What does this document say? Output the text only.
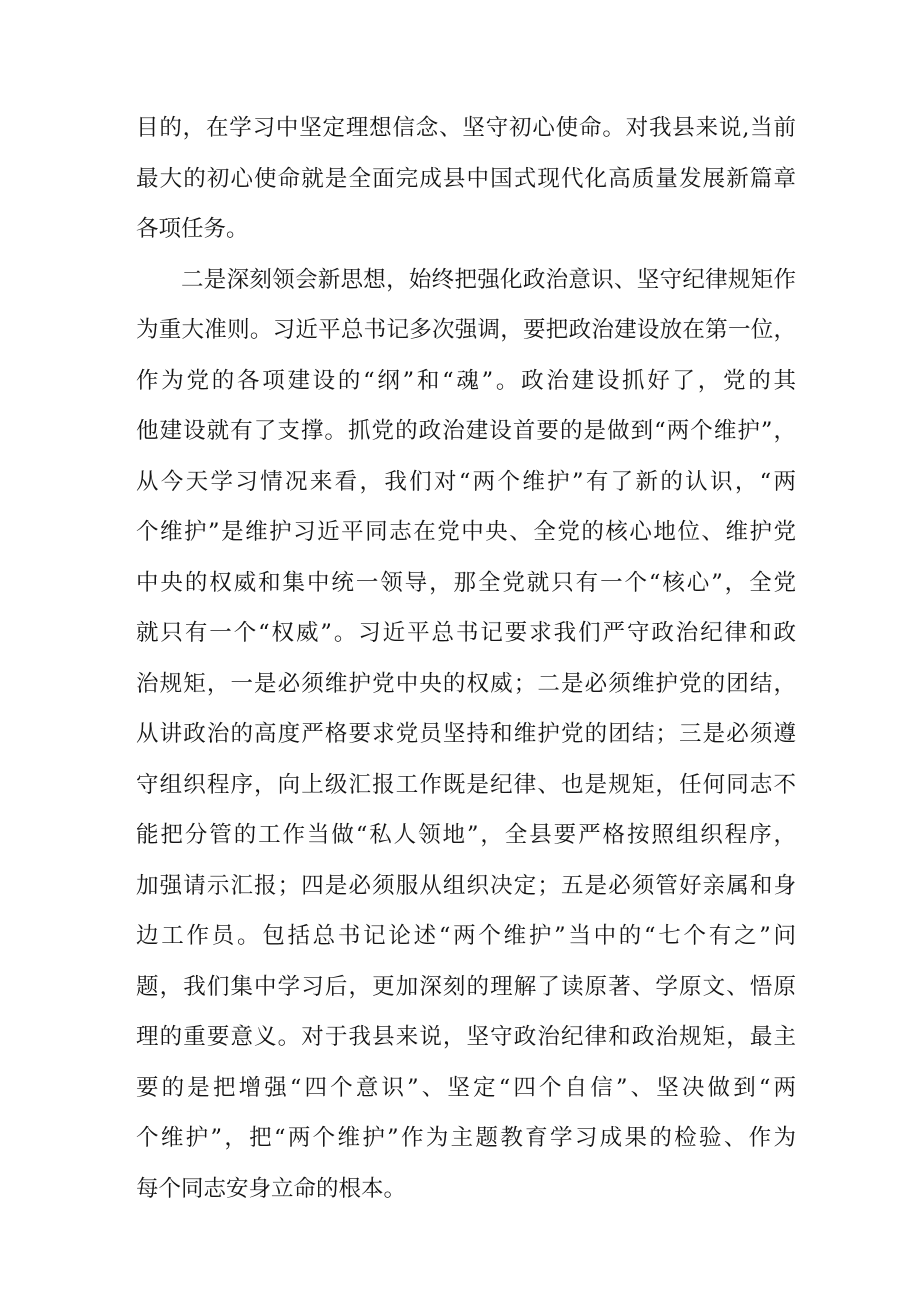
目的，在学习中坚定理想信念、坚守初心使命。对我县来说,当前
最大的初心使命就是全面完成县中国式现代化高质量发展新篇章
各项任务。
二是深刻领会新思想，始终把强化政治意识、坚守纪律规矩作
为重大准则。习近平总书记多次强调，要把政治建设放在第一位，
作为党的各项建设的“纲”和“魂”。政治建设抓好了，党的其
他建设就有了支撑。抓党的政治建设首要的是做到“两个维护”，
从今天学习情况来看，我们对“两个维护”有了新的认识，“两
个维护”是维护习近平同志在党中央、全党的核心地位、维护党
中央的权威和集中统一领导，那全党就只有一个“核心”，全党
就只有一个“权威”。习近平总书记要求我们严守政治纪律和政
治规矩，一是必须维护党中央的权威；二是必须维护党的团结，
从讲政治的高度严格要求党员坚持和维护党的团结；三是必须遵
守组织程序，向上级汇报工作既是纪律、也是规矩，任何同志不
能把分管的工作当做“私人领地”，全县要严格按照组织程序，
加强请示汇报；四是必须服从组织决定；五是必须管好亲属和身
边工作员。包括总书记论述“两个维护”当中的“七个有之”问
题，我们集中学习后，更加深刻的理解了读原著、学原文、悟原
理的重要意义。对于我县来说，坚守政治纪律和政治规矩，最主
要的是把增强“四个意识”、坚定“四个自信”、坚决做到“两
个维护”，把“两个维护”作为主题教育学习成果的检验、作为
每个同志安身立命的根本。
